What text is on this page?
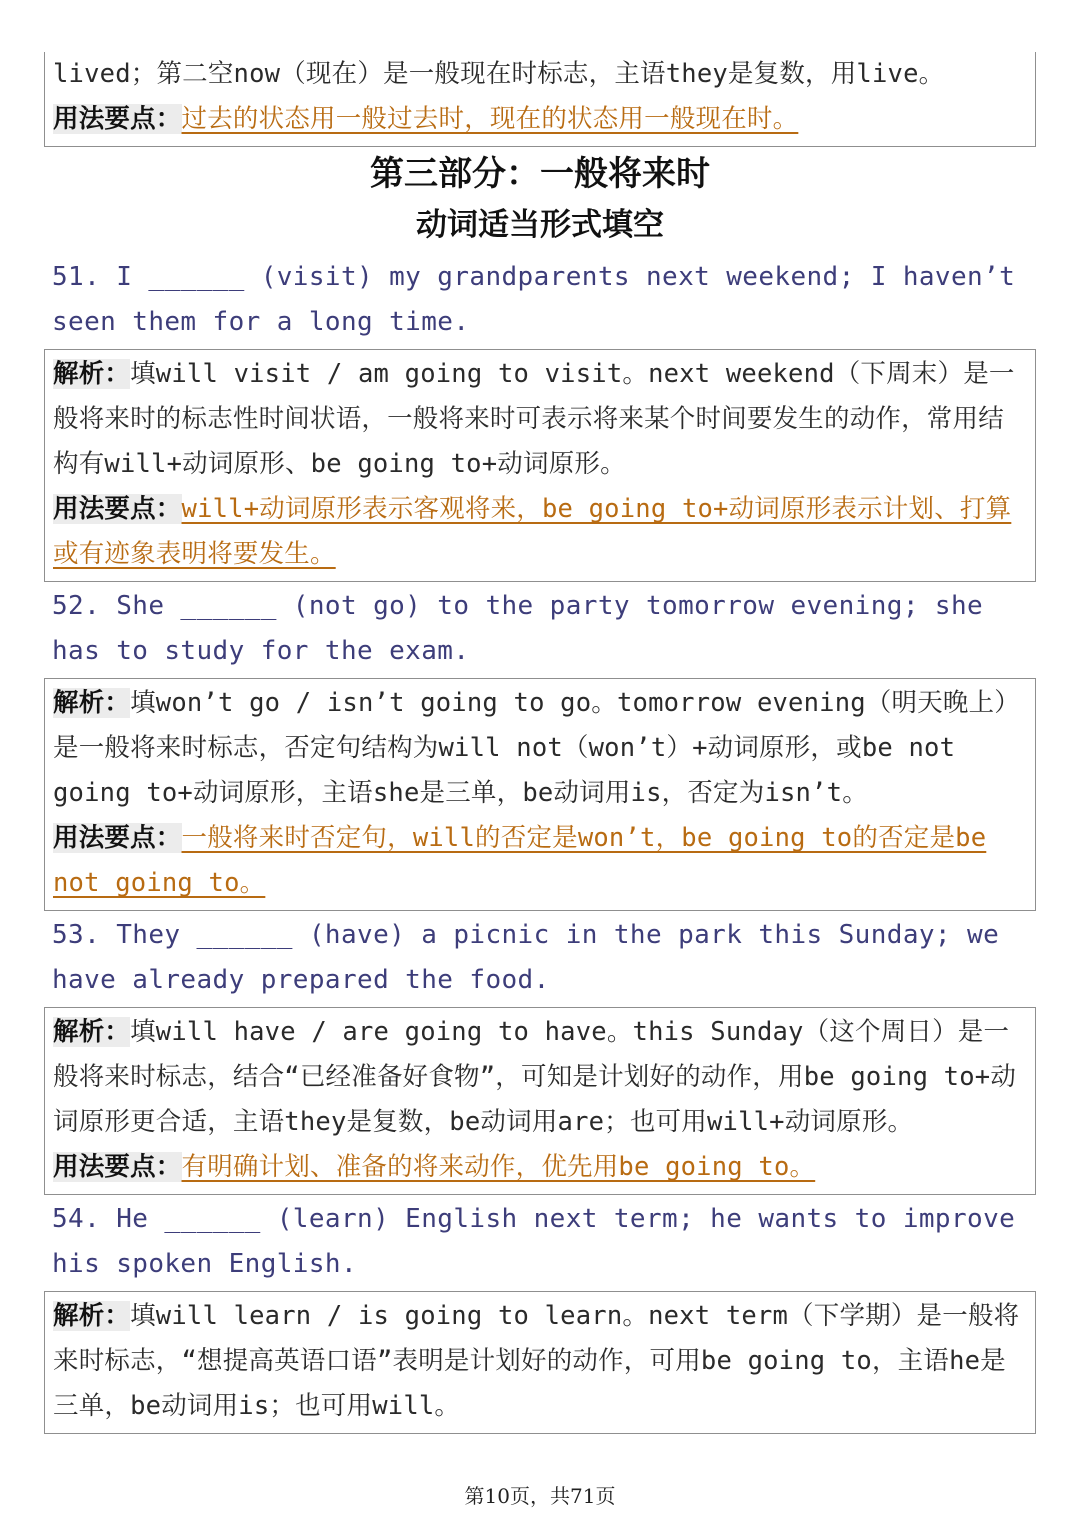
lived；第二空now（现在）是一般现在时标志，主语they是复数，用live。
用法要点：过去的状态用一般过去时，现在的状态用一般现在时。
第三部分：一般将来时
动词适当形式填空
51. I ______ (visit) my grandparents next weekend; I haven’t seen them for a long time.
解析：填will visit / am going to visit。next weekend（下周末）是一般将来时的标志性时间状语，一般将来时可表示将来某个时间要发生的动作，常用结构有will+动词原形、be going to+动词原形。
用法要点：will+动词原形表示客观将来，be going to+动词原形表示计划、打算或有迹象表明将要发生。
52. She ______ (not go) to the party tomorrow evening; she has to study for the exam.
解析：填won’t go / isn’t going to go。tomorrow evening（明天晚上）是一般将来时标志，否定句结构为will not（won’t）+动词原形，或be not going to+动词原形，主语she是三单，be动词用is，否定为isn’t。
用法要点：一般将来时否定句，will的否定是won’t，be going to的否定是be not going to。
53. They ______ (have) a picnic in the park this Sunday; we have already prepared the food.
解析：填will have / are going to have。this Sunday（这个周日）是一般将来时标志，结合“已经准备好食物”，可知是计划好的动作，用be going to+动词原形更合适，主语they是复数，be动词用are；也可用will+动词原形。
用法要点：有明确计划、准备的将来动作，优先用be going to。
54. He ______ (learn) English next term; he wants to improve his spoken English.
解析：填will learn / is going to learn。next term（下学期）是一般将来时标志，“想提高英语口语”表明是计划好的动作，可用be going to，主语he是三单，be动词用is；也可用will。
第10页，共71页
